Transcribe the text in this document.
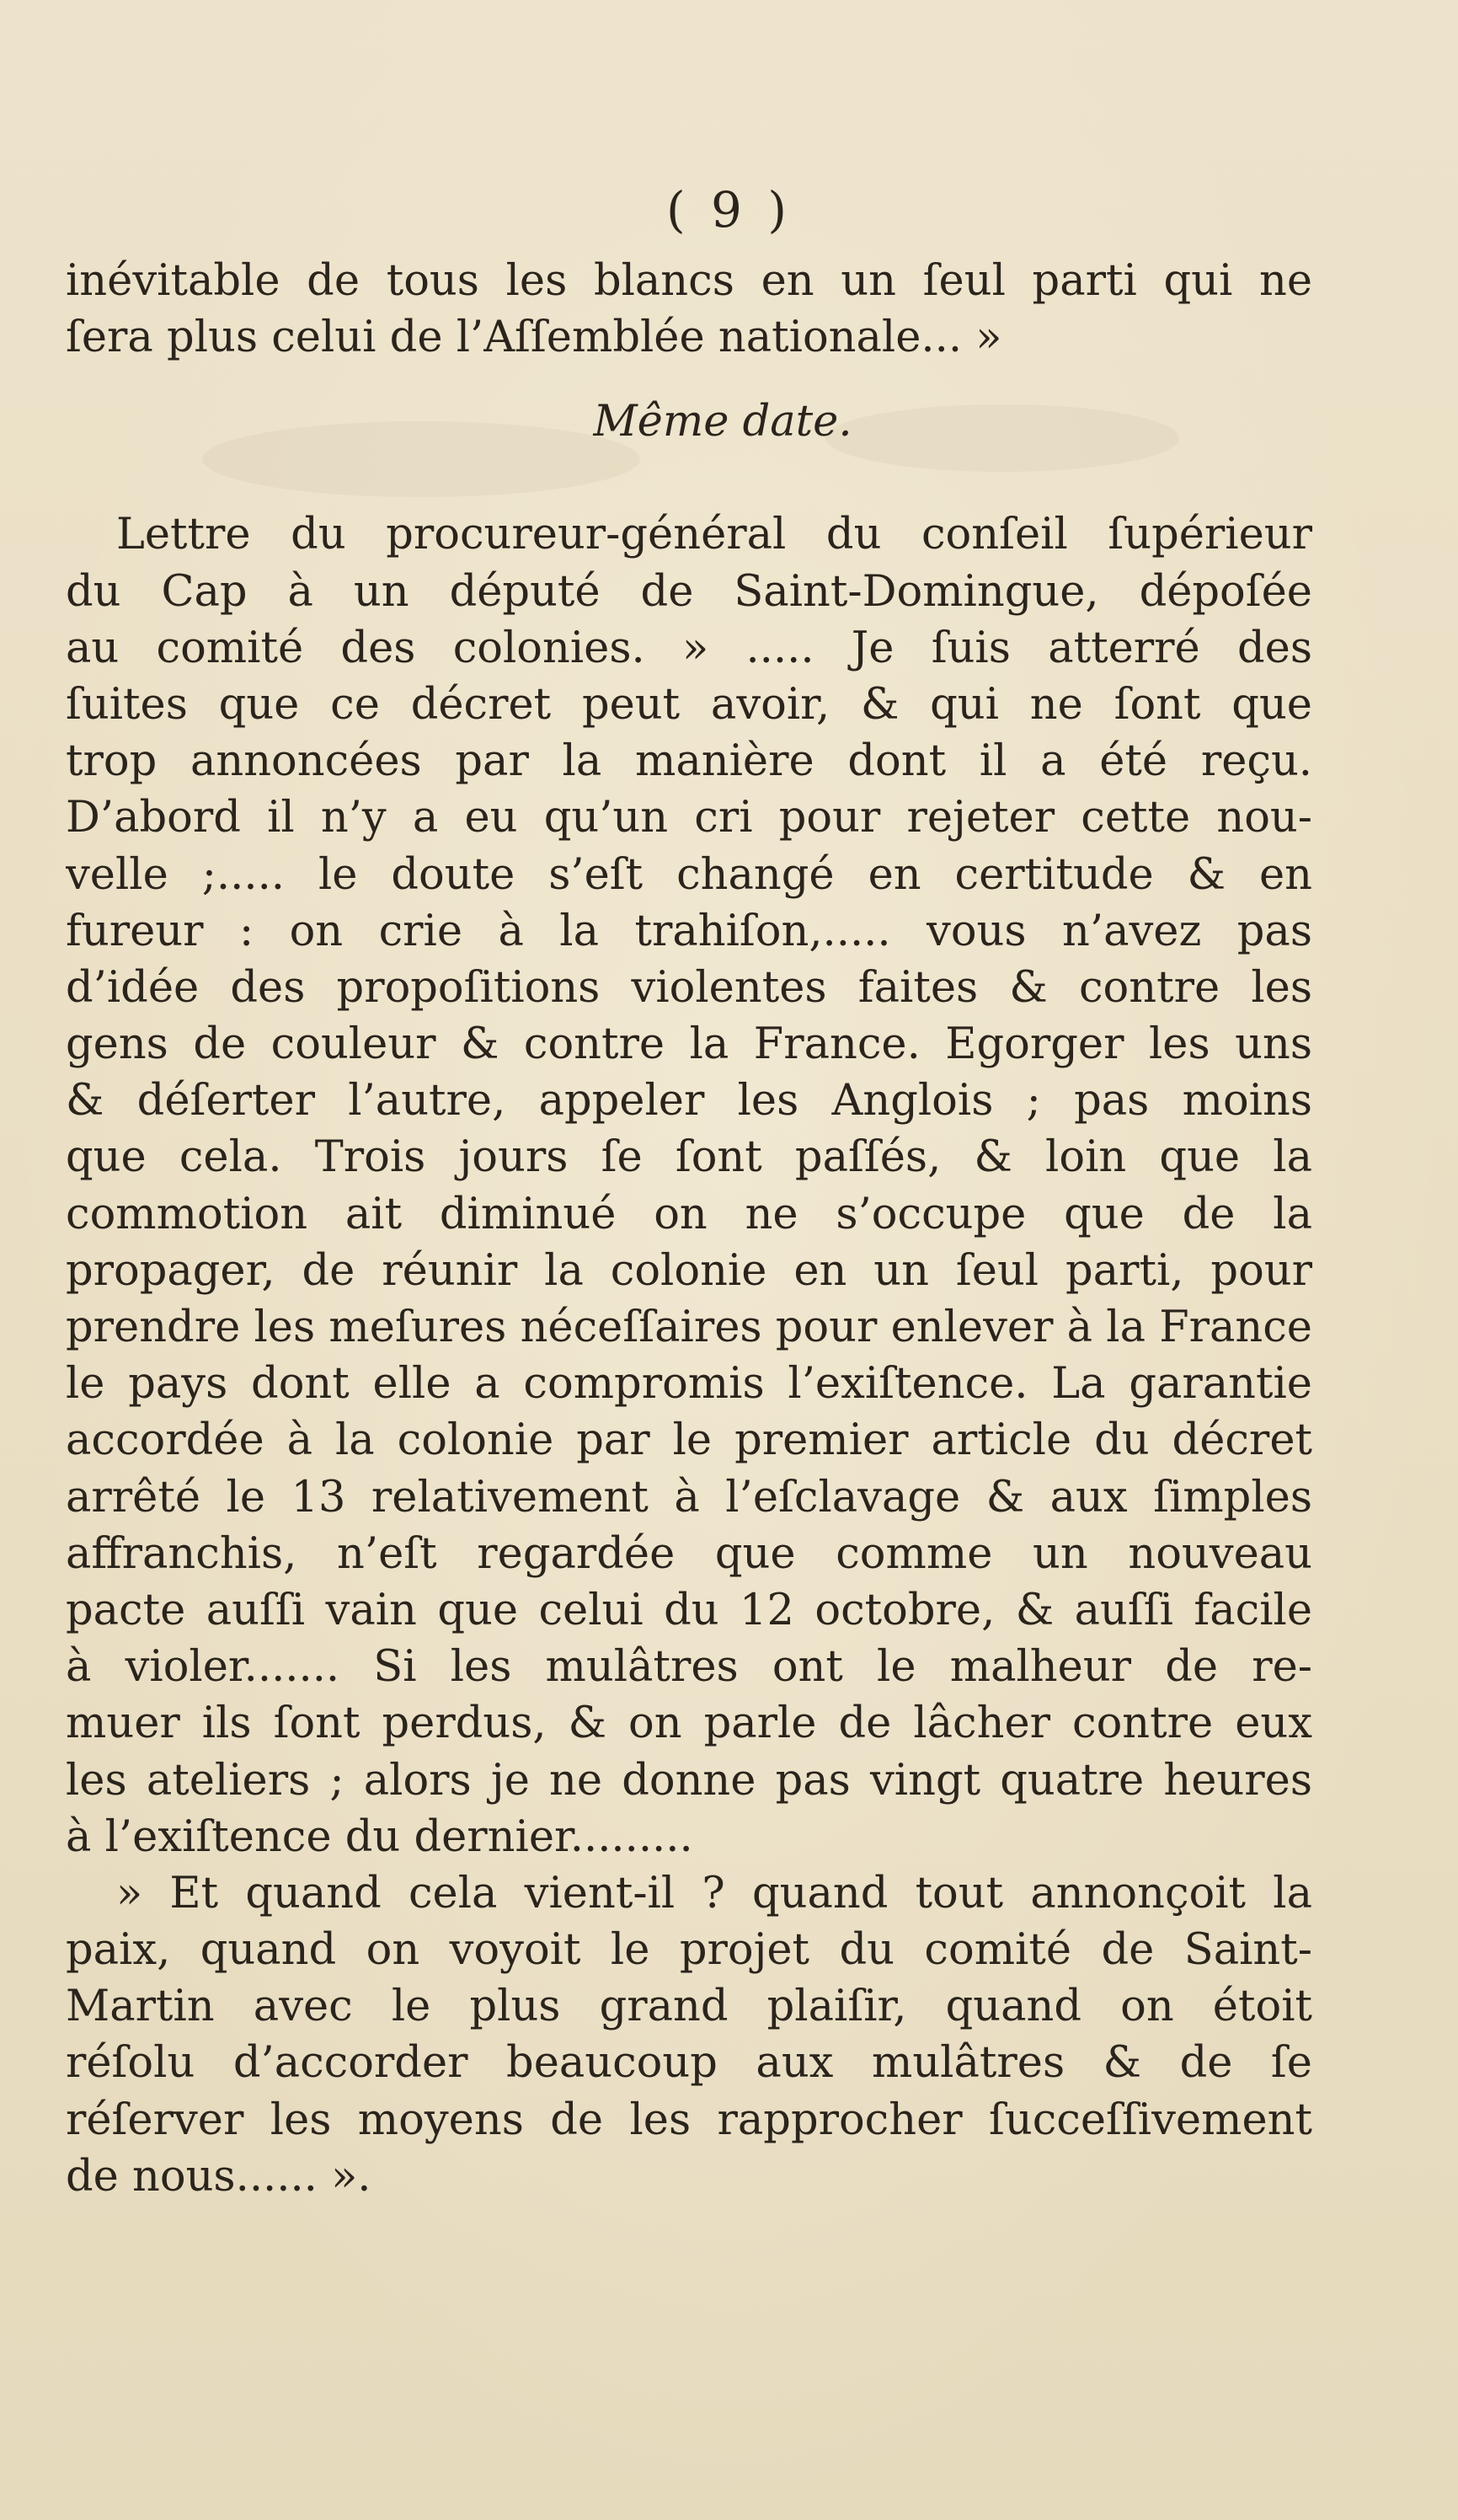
( 9 )
inévitable de tous les blancs en un ſeul parti qui ne
ſera plus celui de l’Aſſemblée nationale... »
Même date.
Lettre du procureur-général du conſeil ſupérieur
du Cap à un député de Saint-Domingue, dépoſée
au comité des colonies. » ..... Je ſuis atterré des
ſuites que ce décret peut avoir, & qui ne ſont que
trop annoncées par la manière dont il a été reçu.
D’abord il n’y a eu qu’un cri pour rejeter cette nou-
velle ;..... le doute s’eſt changé en certitude & en
fureur : on crie à la trahiſon,..... vous n’avez pas
d’idée des propoſitions violentes faites & contre les
gens de couleur & contre la France. Egorger les uns
& déſerter l’autre, appeler les Anglois ; pas moins
que cela. Trois jours ſe ſont paſſés, & loin que la
commotion ait diminué on ne s’occupe que de la
propager, de réunir la colonie en un ſeul parti, pour
prendre les meſures néceſſaires pour enlever à la France
le pays dont elle a compromis l’exiſtence. La garantie
accordée à la colonie par le premier article du décret
arrêté le 13 relativement à l’eſclavage & aux ſimples
affranchis, n’eſt regardée que comme un nouveau
pacte auſſi vain que celui du 12 octobre, & auſſi facile
à violer....... Si les mulâtres ont le malheur de re-
muer ils ſont perdus, & on parle de lâcher contre eux
les ateliers ; alors je ne donne pas vingt quatre heures
à l’exiſtence du dernier.........
» Et quand cela vient-il ? quand tout annonçoit la
paix, quand on voyoit le projet du comité de Saint-
Martin avec le plus grand plaiſir, quand on étoit
réſolu d’accorder beaucoup aux mulâtres & de ſe
réſerver les moyens de les rapprocher ſucceſſivement
de nous...... ».
